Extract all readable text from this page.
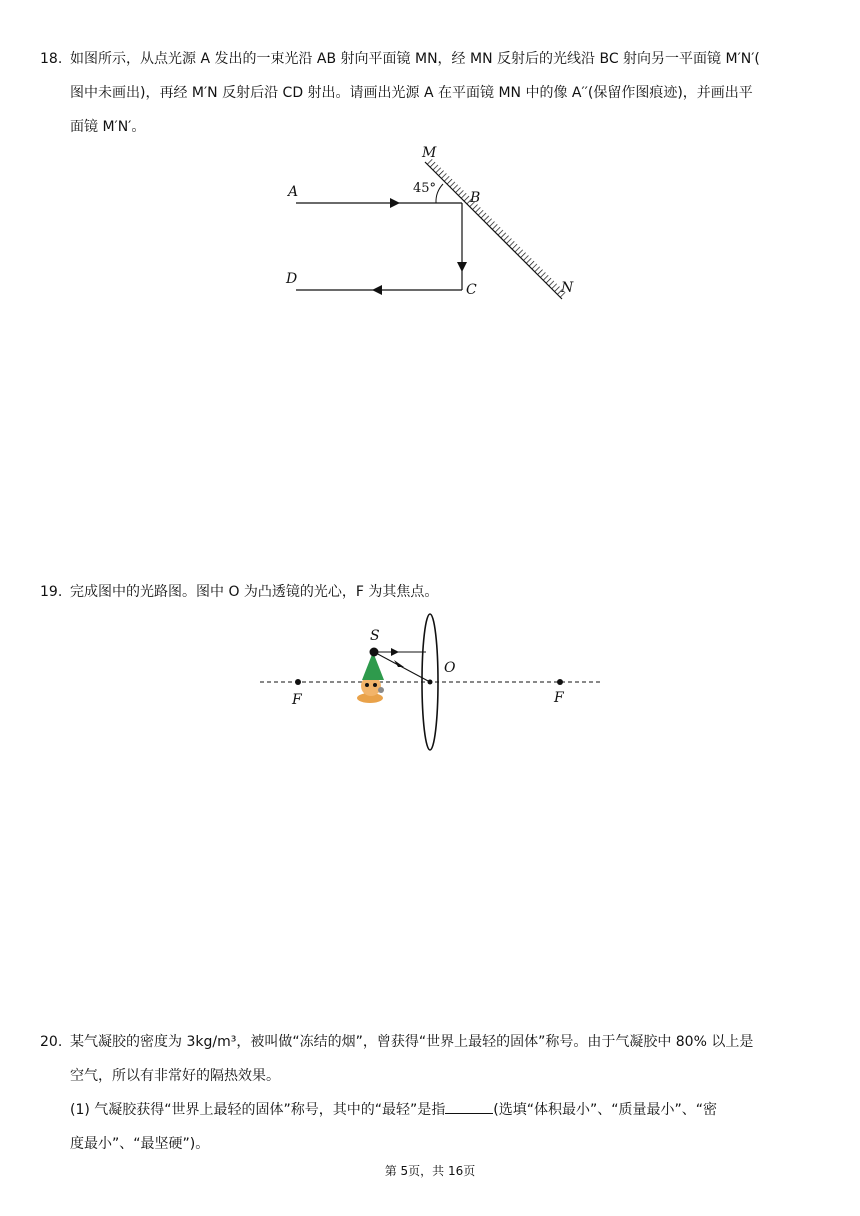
18. 如图所示，从点光源 A 发出的一束光沿 AB 射向平面镜 MN，经 MN 反射后的光线沿 BC 射向另一平面镜 M′N′(
图中未画出)，再经 M′N 反射后沿 CD 射出。请画出光源 A 在平面镜 MN 中的像 A′′(保留作图痕迹)，并画出平
面镜 M′N′。
45°
M
A	B
D
C	N
19. 完成图中的光路图。图中 O 为凸透镜的光心，F 为其焦点。
F	F
O
S
20. 某气凝胶的密度为 3kg/m³，被叫做“冻结的烟”，曾获得“世界上最轻的固体”称号。由于气凝胶中 80% 以上是
空气，所以有非常好的隔热效果。
(1) 气凝胶获得“世界上最轻的固体”称号，其中的“最轻”是指	(选填“体积最小”、“质量最小”、“密
度最小”、“最坚硬”)。
第 5页，共 16页
